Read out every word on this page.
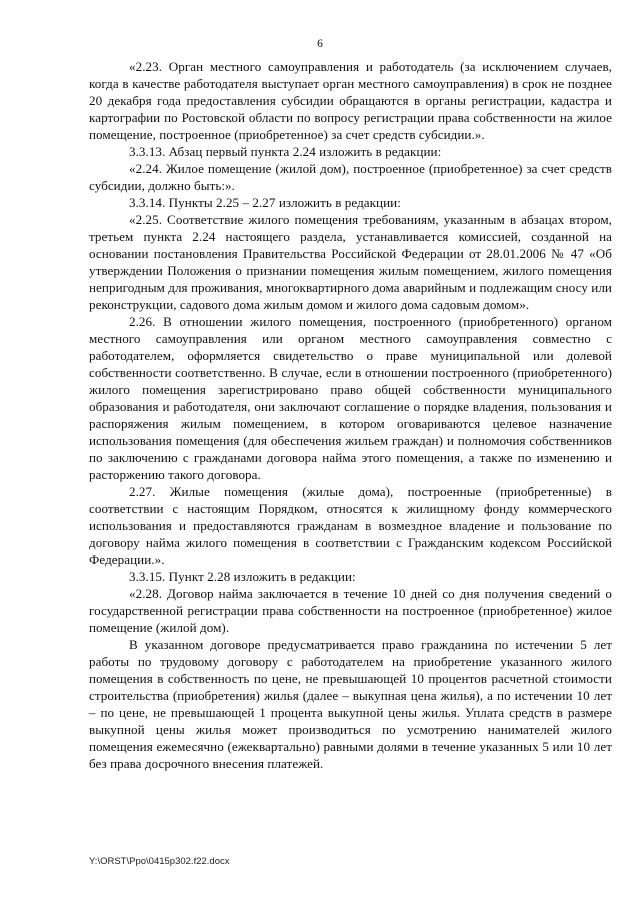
6

«2.23. Орган местного самоуправления и работодатель (за исключением случаев, когда в качестве работодателя выступает орган местного самоуправления) в срок не позднее 20 декабря года предоставления субсидии обращаются в органы регистрации, кадастра и картографии по Ростовской области по вопросу регистрации права собственности на жилое помещение, построенное (приобретенное) за счет средств субсидии.».

3.3.13. Абзац первый пункта 2.24 изложить в редакции:

«2.24. Жилое помещение (жилой дом), построенное (приобретенное) за счет средств субсидии, должно быть:».

3.3.14. Пункты 2.25 – 2.27 изложить в редакции:

«2.25. Соответствие жилого помещения требованиям, указанным в абзацах втором, третьем пункта 2.24 настоящего раздела, устанавливается комиссией, созданной на основании постановления Правительства Российской Федерации от 28.01.2006 № 47 «Об утверждении Положения о признании помещения жилым помещением, жилого помещения непригодным для проживания, многоквартирного дома аварийным и подлежащим сносу или реконструкции, садового дома жилым домом и жилого дома садовым домом».

2.26. В отношении жилого помещения, построенного (приобретенного) органом местного самоуправления или органом местного самоуправления совместно с работодателем, оформляется свидетельство о праве муниципальной или долевой собственности соответственно. В случае, если в отношении построенного (приобретенного) жилого помещения зарегистрировано право общей собственности муниципального образования и работодателя, они заключают соглашение о порядке владения, пользования и распоряжения жилым помещением, в котором оговариваются целевое назначение использования помещения (для обеспечения жильем граждан) и полномочия собственников по заключению с гражданами договора найма этого помещения, а также по изменению и расторжению такого договора.

2.27. Жилые помещения (жилые дома), построенные (приобретенные) в соответствии с настоящим Порядком, относятся к жилищному фонду коммерческого использования и предоставляются гражданам в возмездное владение и пользование по договору найма жилого помещения в соответствии с Гражданским кодексом Российской Федерации.».

3.3.15. Пункт 2.28 изложить в редакции:

«2.28. Договор найма заключается в течение 10 дней со дня получения сведений о государственной регистрации права собственности на построенное (приобретенное) жилое помещение (жилой дом).

В указанном договоре предусматривается право гражданина по истечении 5 лет работы по трудовому договору с работодателем на приобретение указанного жилого помещения в собственность по цене, не превышающей 10 процентов расчетной стоимости строительства (приобретения) жилья (далее – выкупная цена жилья), а по истечении 10 лет – по цене, не превышающей 1 процента выкупной цены жилья. Уплата средств в размере выкупной цены жилья может производиться по усмотрению нанимателей жилого помещения ежемесячно (ежеквартально) равными долями в течение указанных 5 или 10 лет без права досрочного внесения платежей.

Y:\ORST\Ppo\0415p302.f22.docx
